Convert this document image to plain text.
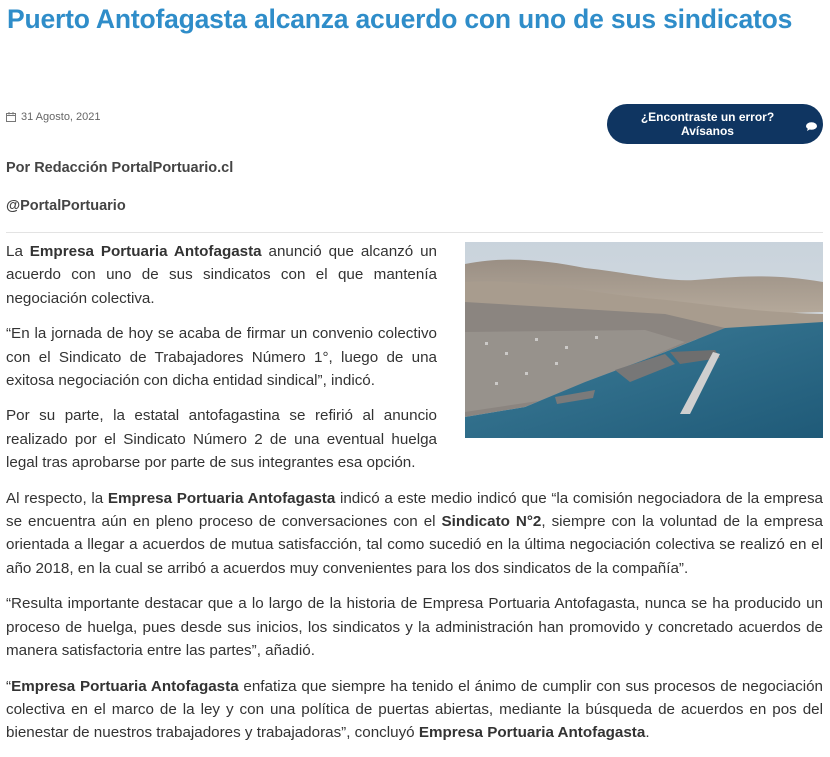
Puerto Antofagasta alcanza acuerdo con uno de sus sindicatos
31 Agosto, 2021	¿Encontraste un error? Avísanos
Por Redacción PortalPortuario.cl
@PortalPortuario

La Empresa Portuaria Antofagasta anunció que alcanzó un acuerdo con uno de sus sindicatos con el que mantenía negociación colectiva.

“En la jornada de hoy se acaba de firmar un convenio colectivo con el Sindicato de Trabajadores Número 1°, luego de una exitosa negociación con dicha entidad sindical”, indicó.

Por su parte, la estatal antofagastina se refirió al anuncio realizado por el Sindicato Número 2 de una eventual huelga legal tras aprobarse por parte de sus integrantes esa opción.

Al respecto, la Empresa Portuaria Antofagasta indicó a este medio indicó que “la comisión negociadora de la empresa se encuentra aún en pleno proceso de conversaciones con el Sindicato N°2, siempre con la voluntad de la empresa orientada a llegar a acuerdos de mutua satisfacción, tal como sucedió en la última negociación colectiva se realizó en el año 2018, en la cual se arribó a acuerdos muy convenientes para los dos sindicatos de la compañía”.

“Resulta importante destacar que a lo largo de la historia de Empresa Portuaria Antofagasta, nunca se ha producido un proceso de huelga, pues desde sus inicios, los sindicatos y la administración han promovido y concretado acuerdos de manera satisfactoria entre las partes”, añadió.

“Empresa Portuaria Antofagasta enfatiza que siempre ha tenido el ánimo de cumplir con sus procesos de negociación colectiva en el marco de la ley y con una política de puertas abiertas, mediante la búsqueda de acuerdos en pos del bienestar de nuestros trabajadores y trabajadoras”, concluyó Empresa Portuaria Antofagasta.
